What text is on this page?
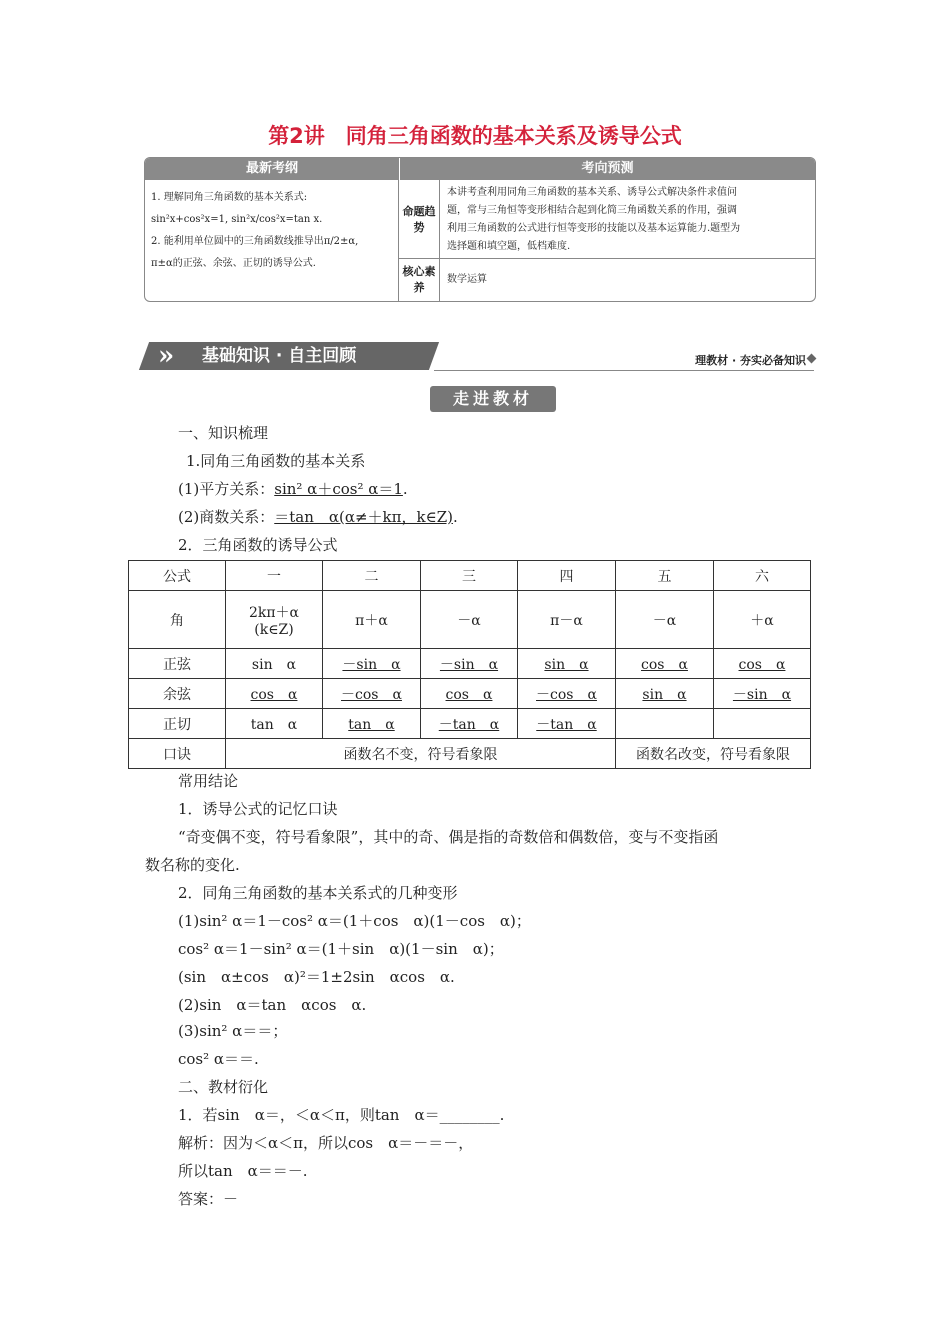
第2讲　同角三角函数的基本关系及诱导公式
最新考纲	考向预测
1. 理解同角三角函数的基本关系式:
sin²x+cos²x=1, sin²x/cos²x=tan x.
2. 能利用单位圆中的三角函数线推导出π/2±α,
π±α的正弦、余弦、正切的诱导公式.
命题趋势
本讲考查利用同角三角函数的基本关系、诱导公式解决条件求值问
题，常与三角恒等变形相结合起到化简三角函数关系的作用，强调
利用三角函数的公式进行恒等变形的技能以及基本运算能力.题型为
选择题和填空题，低档难度.
核心素养
数学运算
» 基础知识 · 自主回顾	理教材 · 夯实必备知识
走进教材
一、知识梳理
1.同角三角函数的基本关系
(1)平方关系：sin² α＋cos² α＝1.
(2)商数关系：＝tan　α(α≠＋kπ，k∈Z).
2．三角函数的诱导公式
公式	一	二	三	四	五	六
角	2kπ＋α
(k∈Z)	π＋α	－α	π－α	－α	＋α
正弦	sin　α	－sin　α	－sin　α	sin　α	cos　α	cos　α
余弦	cos　α	－cos　α	cos　α	－cos　α	sin　α	－sin　α
正切	tan　α	tan　α	－tan　α	－tan　α		
口诀	函数名不变，符号看象限				函数名改变，符号看象限	
常用结论
1．诱导公式的记忆口诀
“奇变偶不变，符号看象限”，其中的奇、偶是指的奇数倍和偶数倍，变与不变指函
数名称的变化.
2．同角三角函数的基本关系式的几种变形
(1)sin² α＝1－cos² α＝(1＋cos　α)(1－cos　α)；
cos² α＝1－sin² α＝(1＋sin　α)(1－sin　α)；
(sin　α±cos　α)²＝1±2sin　αcos　α.
(2)sin　α＝tan　αcos　α.
(3)sin² α＝＝；
cos² α＝＝.
二、教材衍化
1．若sin　α＝，＜α＜π，则tan　α＝________.
解析：因为＜α＜π，所以cos　α＝－＝－，
所以tan　α＝＝－.
答案：－
